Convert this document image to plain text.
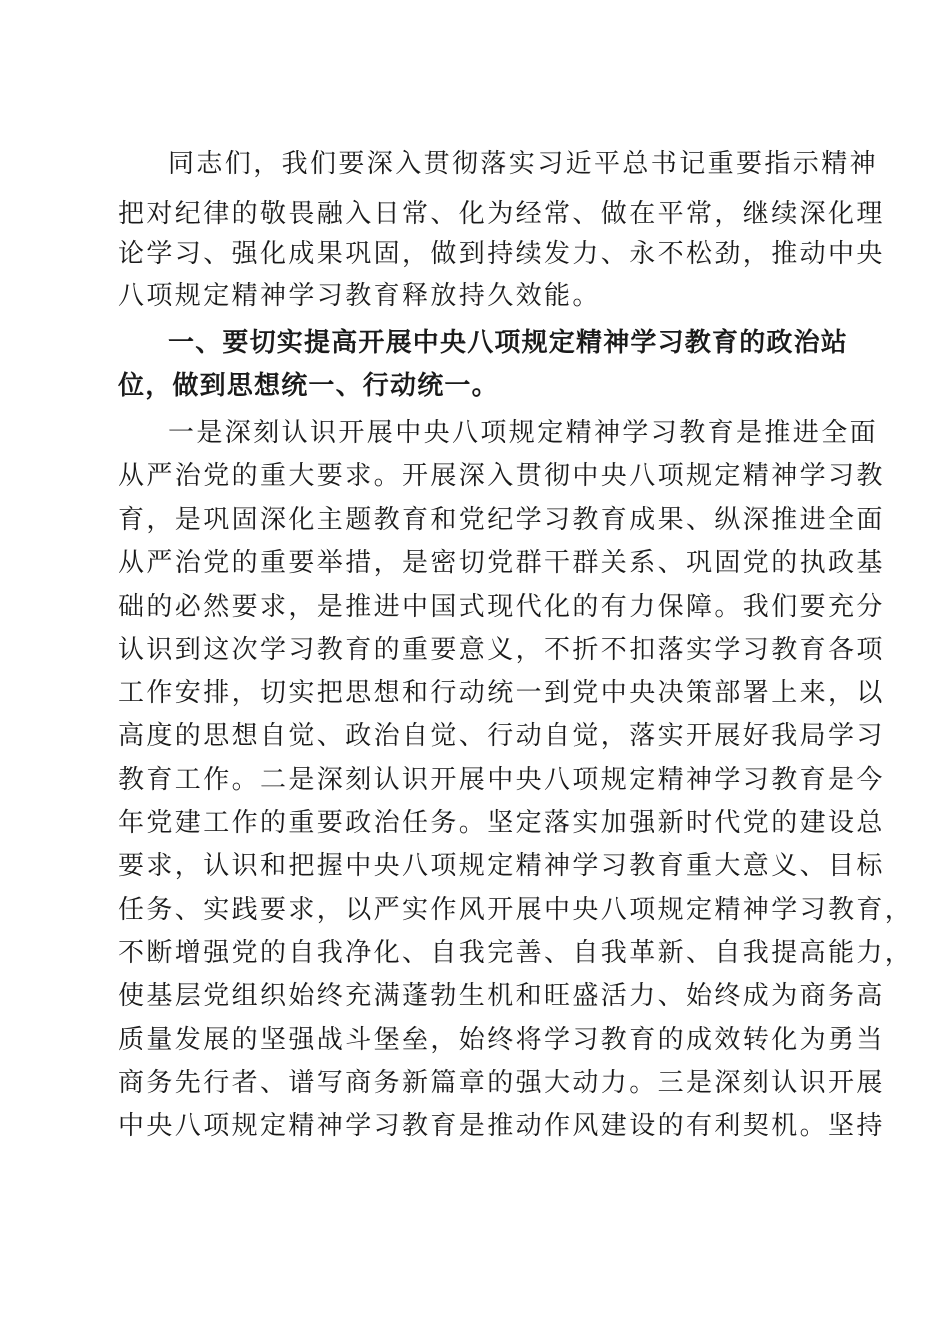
同志们，我们要深入贯彻落实习近平总书记重要指示精神
把对纪律的敬畏融入日常、化为经常、做在平常，继续深化理
论学习、强化成果巩固，做到持续发力、永不松劲，推动中央
八项规定精神学习教育释放持久效能。
一、要切实提高开展中央八项规定精神学习教育的政治站
位，做到思想统一、行动统一。
一是深刻认识开展中央八项规定精神学习教育是推进全面
从严治党的重大要求。开展深入贯彻中央八项规定精神学习教
育，是巩固深化主题教育和党纪学习教育成果、纵深推进全面
从严治党的重要举措，是密切党群干群关系、巩固党的执政基
础的必然要求，是推进中国式现代化的有力保障。我们要充分
认识到这次学习教育的重要意义，不折不扣落实学习教育各项
工作安排，切实把思想和行动统一到党中央决策部署上来，以
高度的思想自觉、政治自觉、行动自觉，落实开展好我局学习
教育工作。二是深刻认识开展中央八项规定精神学习教育是今
年党建工作的重要政治任务。坚定落实加强新时代党的建设总
要求，认识和把握中央八项规定精神学习教育重大意义、目标
任务、实践要求，以严实作风开展中央八项规定精神学习教育，
不断增强党的自我净化、自我完善、自我革新、自我提高能力，
使基层党组织始终充满蓬勃生机和旺盛活力、始终成为商务高
质量发展的坚强战斗堡垒，始终将学习教育的成效转化为勇当
商务先行者、谱写商务新篇章的强大动力。三是深刻认识开展
中央八项规定精神学习教育是推动作风建设的有利契机。坚持
